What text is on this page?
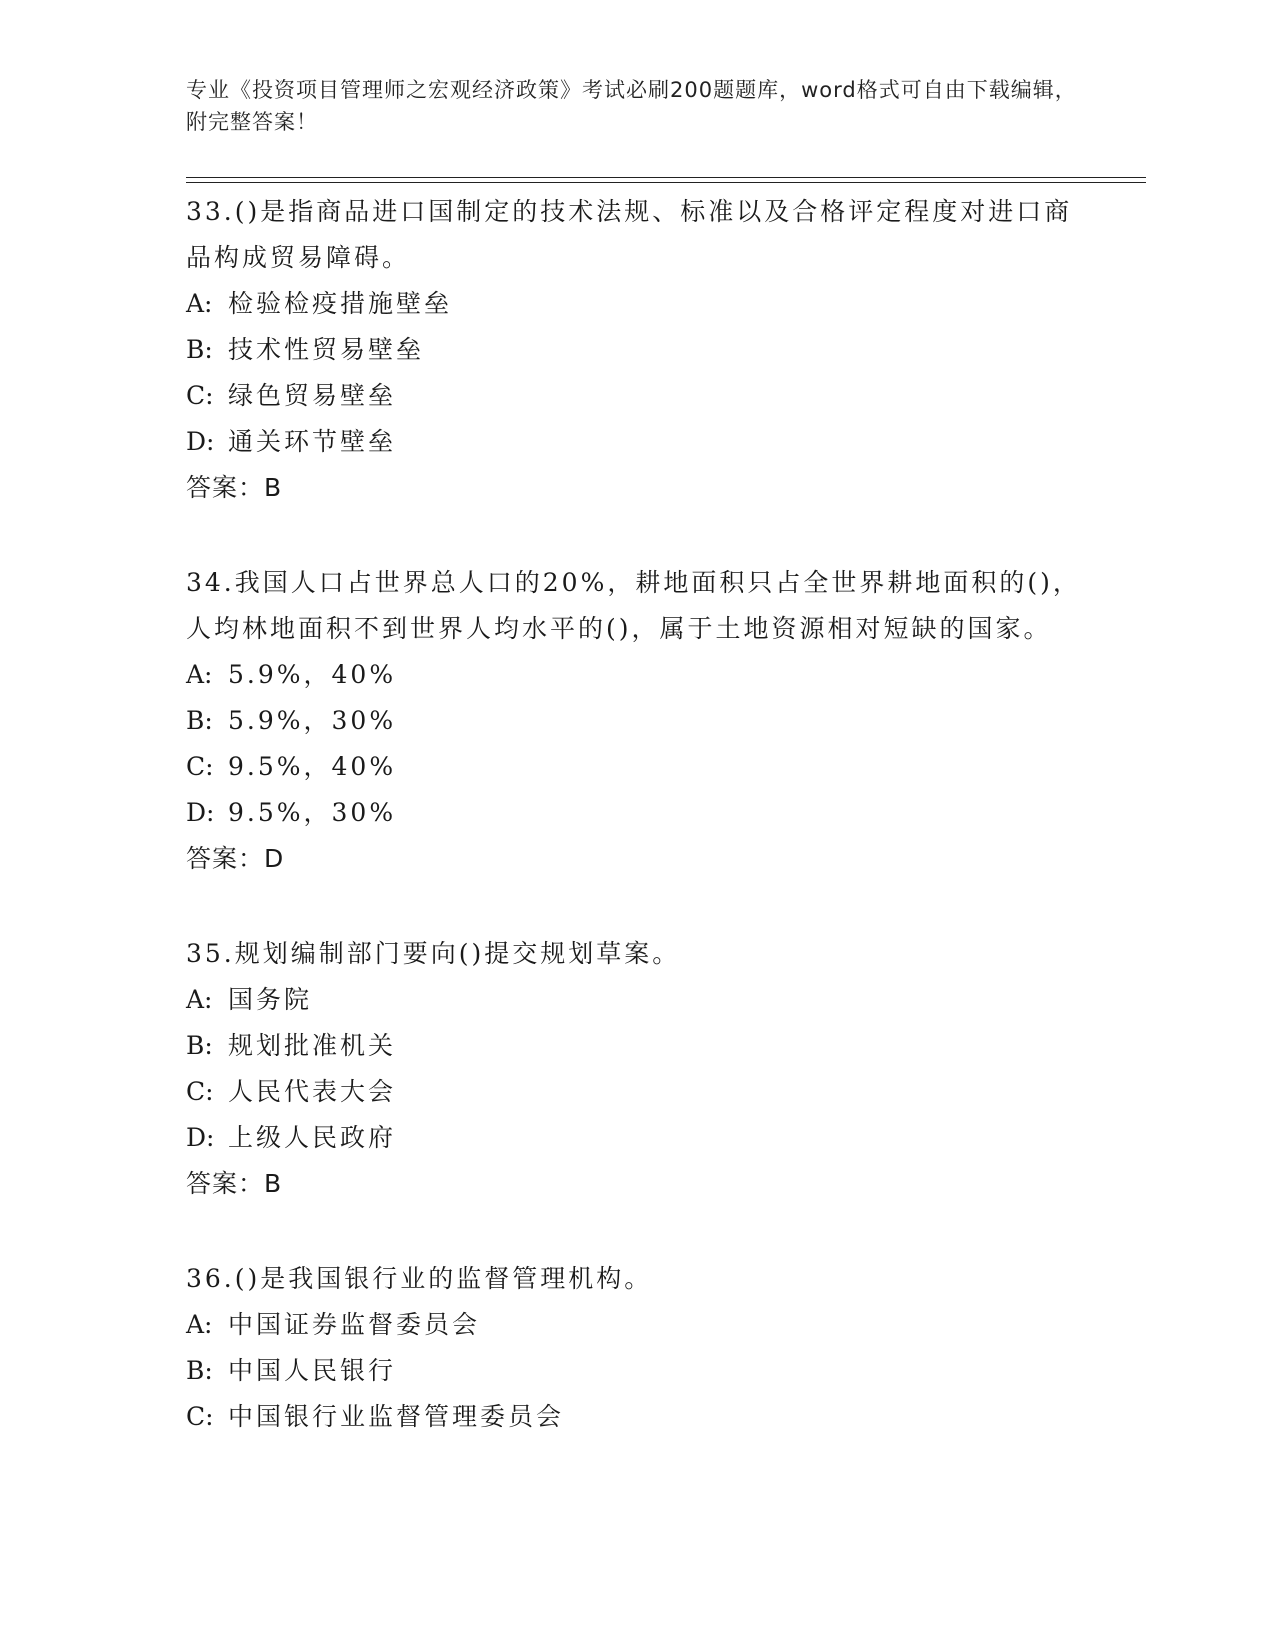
专业《投资项目管理师之宏观经济政策》考试必刷200题题库，word格式可自由下载编辑，附完整答案！

33.()是指商品进口国制定的技术法规、标准以及合格评定程度对进口商品构成贸易障碍。

A: 检验检疫措施壁垒

B: 技术性贸易壁垒

C: 绿色贸易壁垒

D: 通关环节壁垒

答案：B

34.我国人口占世界总人口的20%，耕地面积只占全世界耕地面积的()，人均林地面积不到世界人均水平的()，属于土地资源相对短缺的国家。

A: 5.9%，40%

B: 5.9%，30%

C: 9.5%，40%

D: 9.5%，30%

答案：D

35.规划编制部门要向()提交规划草案。

A: 国务院

B: 规划批准机关

C: 人民代表大会

D: 上级人民政府

答案：B

36.()是我国银行业的监督管理机构。

A: 中国证券监督委员会

B: 中国人民银行

C: 中国银行业监督管理委员会
